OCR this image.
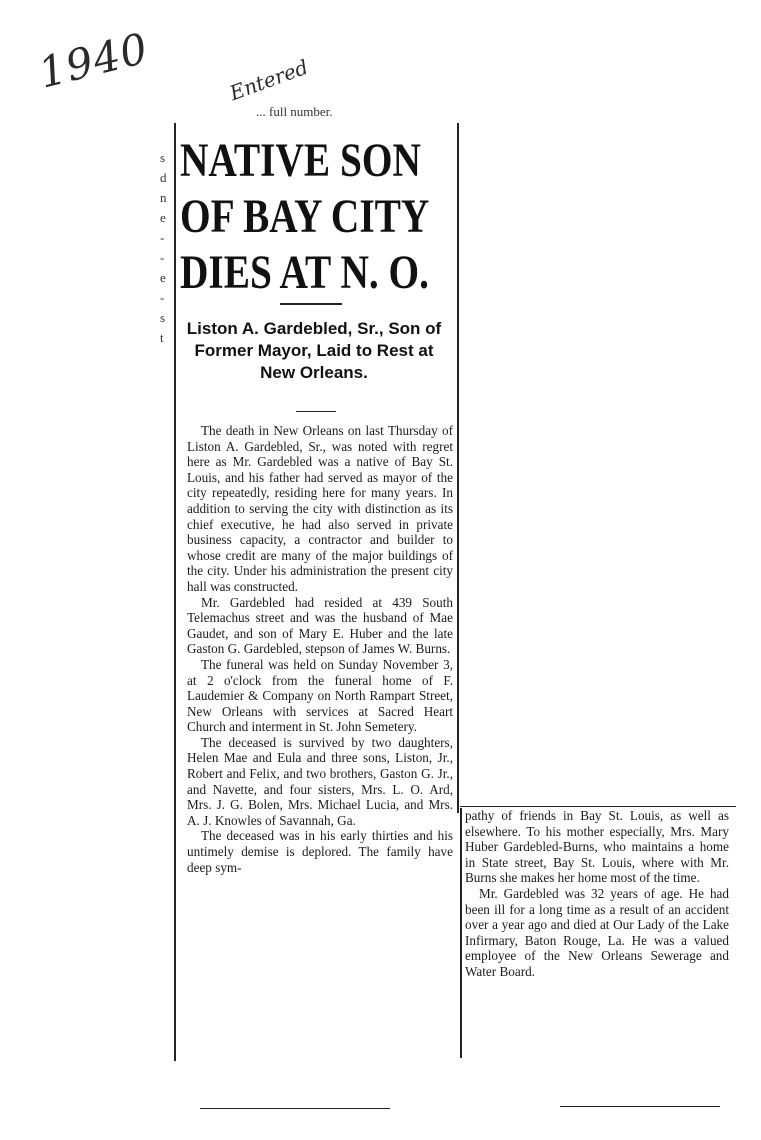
1940	Entered
... full number.
s d n e - - e - s t
NATIVE SON
OF BAY CITY
DIES AT N. O.
Liston A. Gardebled, Sr., Son of Former Mayor, Laid to Rest at New Orleans.

The death in New Orleans on last Thursday of Liston A. Gardebled, Sr., was noted with regret here as Mr. Gardebled was a native of Bay St. Louis, and his father had served as mayor of the city repeatedly, residing here for many years. In addition to serving the city with distinction as its chief executive, he had also served in private business capacity, a contractor and builder to whose credit are many of the major buildings of the city. Under his administration the present city hall was constructed.

Mr. Gardebled had resided at 439 South Telemachus street and was the husband of Mae Gaudet, and son of Mary E. Huber and the late Gaston G. Gardebled, stepson of James W. Burns.

The funeral was held on Sunday November 3, at 2 o'clock from the funeral home of F. Laudemier & Company on North Rampart Street, New Orleans with services at Sacred Heart Church and interment in St. John Semetery.

The deceased is survived by two daughters, Helen Mae and Eula and three sons, Liston, Jr., Robert and Felix, and two brothers, Gaston G. Jr., and Navette, and four sisters, Mrs. L. O. Ard, Mrs. J. G. Bolen, Mrs. Michael Lucia, and Mrs. A. J. Knowles of Savannah, Ga.

The deceased was in his early thirties and his untimely demise is deplored. The family have deep sym-

pathy of friends in Bay St. Louis, as well as elsewhere. To his mother especially, Mrs. Mary Huber Gardebled-Burns, who maintains a home in State street, Bay St. Louis, where with Mr. Burns she makes her home most of the time.

Mr. Gardebled was 32 years of age. He had been ill for a long time as a result of an accident over a year ago and died at Our Lady of the Lake Infirmary, Baton Rouge, La. He was a valued employee of the New Orleans Sewerage and Water Board.
